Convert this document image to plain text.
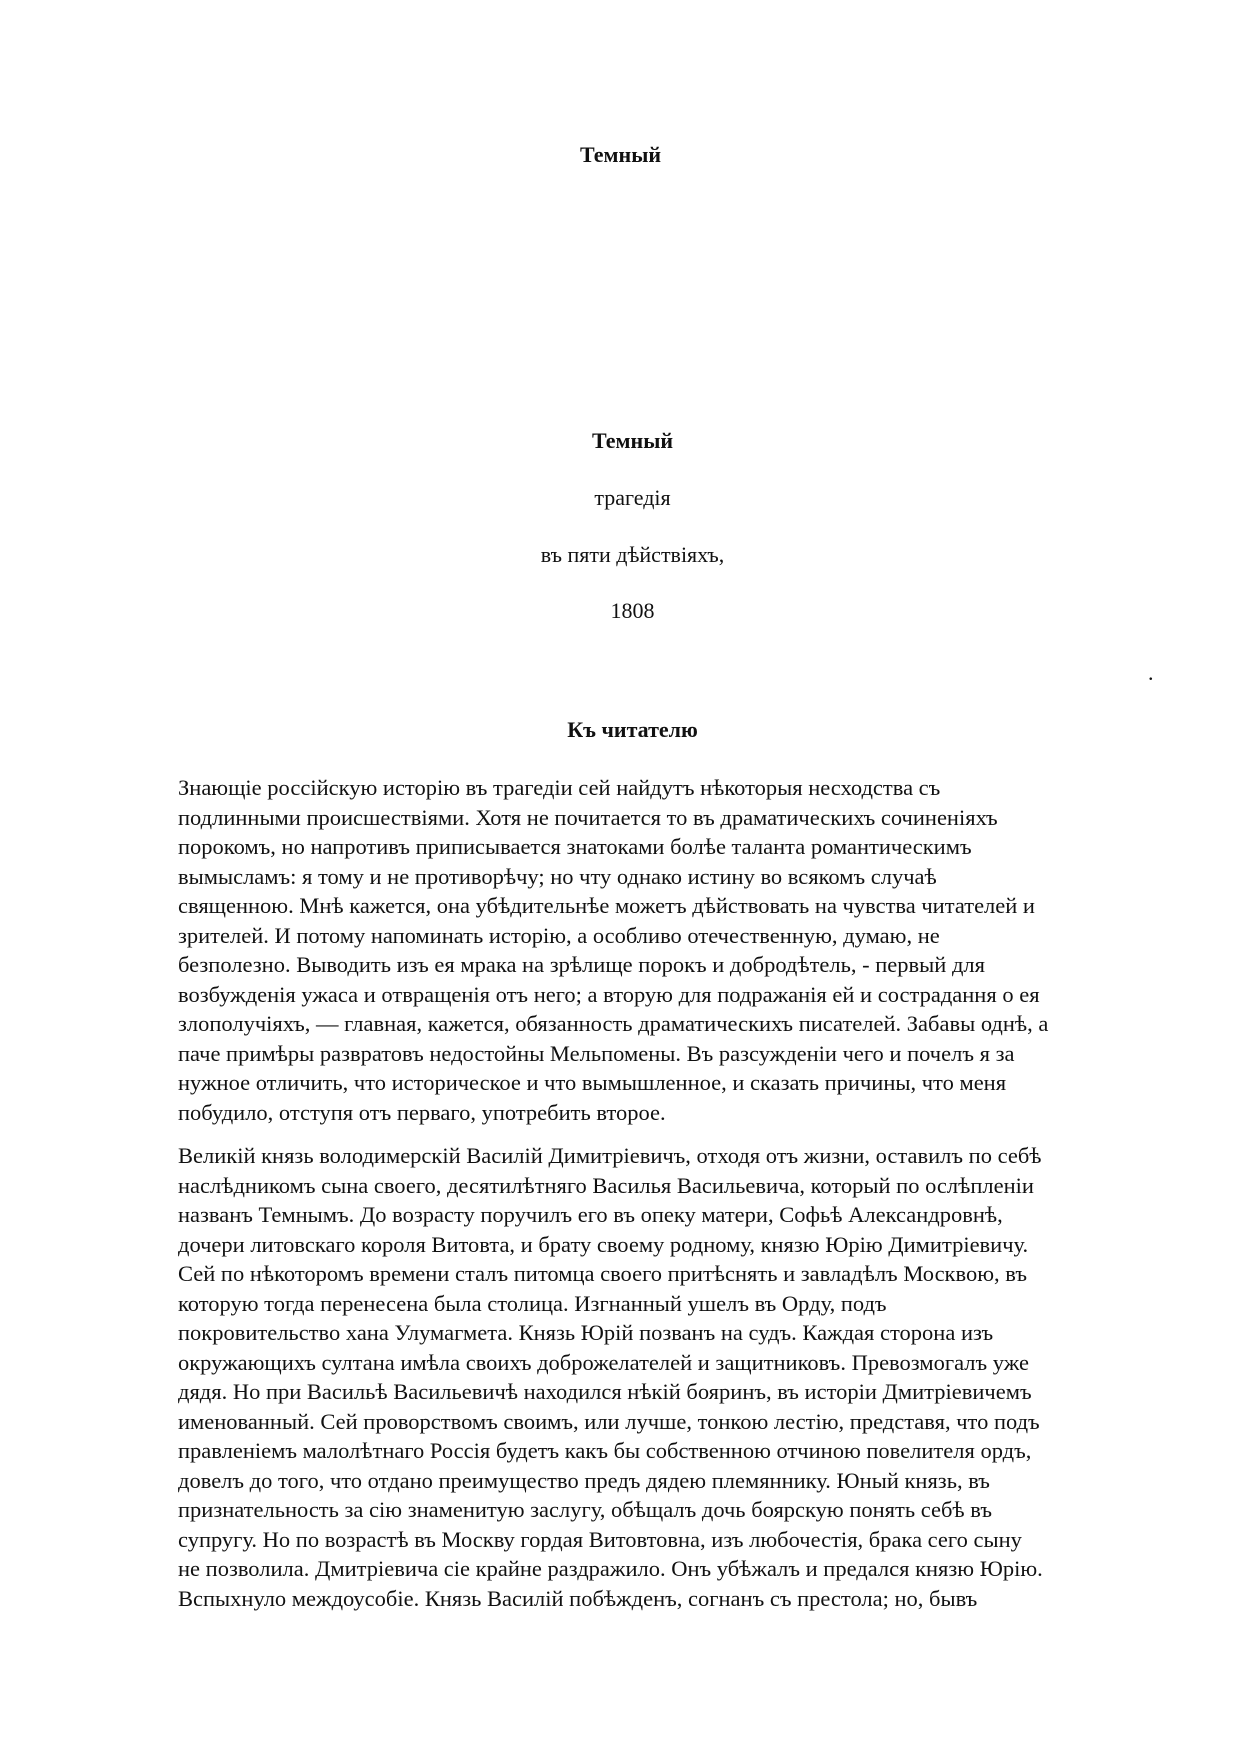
Темный
Темный
трагедія
въ пяти дѣйствіяхъ,
1808
.
Къ читателю
Знающіе россійскую исторію въ трагедіи сей найдутъ нѣкоторыя несходства съ
подлинными происшествіями. Хотя не почитается то въ драматическихъ сочиненіяхъ
порокомъ, но напротивъ приписывается знатоками болѣе таланта романтическимъ
вымысламъ: я тому и не противорѣчу; но чту однако истину во всякомъ случаѣ
священною. Мнѣ кажется, она убѣдительнѣе можетъ дѣйствовать на чувства читателей и
зрителей. И потому напоминать исторію, а особливо отечественную, думаю, не
безполезно. Выводить изъ ея мрака на зрѣлище порокъ и добродѣтель, - первый для
возбужденія ужаса и отвращенія отъ него; а вторую для подражанія ей и сострадання о ея
злополучіяхъ, — главная, кажется, обязанность драматическихъ писателей. Забавы однѣ, а
паче примѣры развратовъ недостойны Мельпомены. Въ разсужденіи чего и почелъ я за
нужное отличить, что историческое и что вымышленное, и сказать причины, что меня
побудило, отступя отъ перваго, употребить второе.
Великій князь володимерскій Василій Димитріевичъ, отходя отъ жизни, оставилъ по себѣ
наслѣдникомъ сына своего, десятилѣтняго Василья Васильевича, который по ослѣпленіи
названъ Темнымъ. До возрасту поручилъ его въ опеку матери, Софьѣ Александровнѣ,
дочери литовскаго короля Витовта, и брату своему родному, князю Юрію Димитріевичу.
Сей по нѣкоторомъ времени сталъ питомца своего притѣснять и завладѣлъ Москвою, въ
которую тогда перенесена была столица. Изгнанный ушелъ въ Орду, подъ
покровительство хана Улумагмета. Князь Юрій позванъ на судъ. Каждая сторона изъ
окружающихъ султана имѣла своихъ доброжелателей и защитниковъ. Превозмогалъ уже
дядя. Но при Васильѣ Васильевичѣ находился нѣкій бояринъ, въ исторіи Дмитріевичемъ
именованный. Сей проворствомъ своимъ, или лучше, тонкою лестію, представя, что подъ
правленіемъ малолѣтнаго Россія будетъ какъ бы собственною отчиною повелителя ордъ,
довелъ до того, что отдано преимущество предъ дядею племяннику. Юный князь, въ
признательность за сію знаменитую заслугу, обѣщалъ дочь боярскую понять себѣ въ
супругу. Но по возрастѣ въ Москву гордая Витовтовна, изъ любочестія, брака сего сыну
не позволила. Дмитріевича сіе крайне раздражило. Онъ убѣжалъ и предался князю Юрію.
Вспыхнуло междоусобіе. Князь Василій побѣжденъ, согнанъ съ престола; но, бывъ
